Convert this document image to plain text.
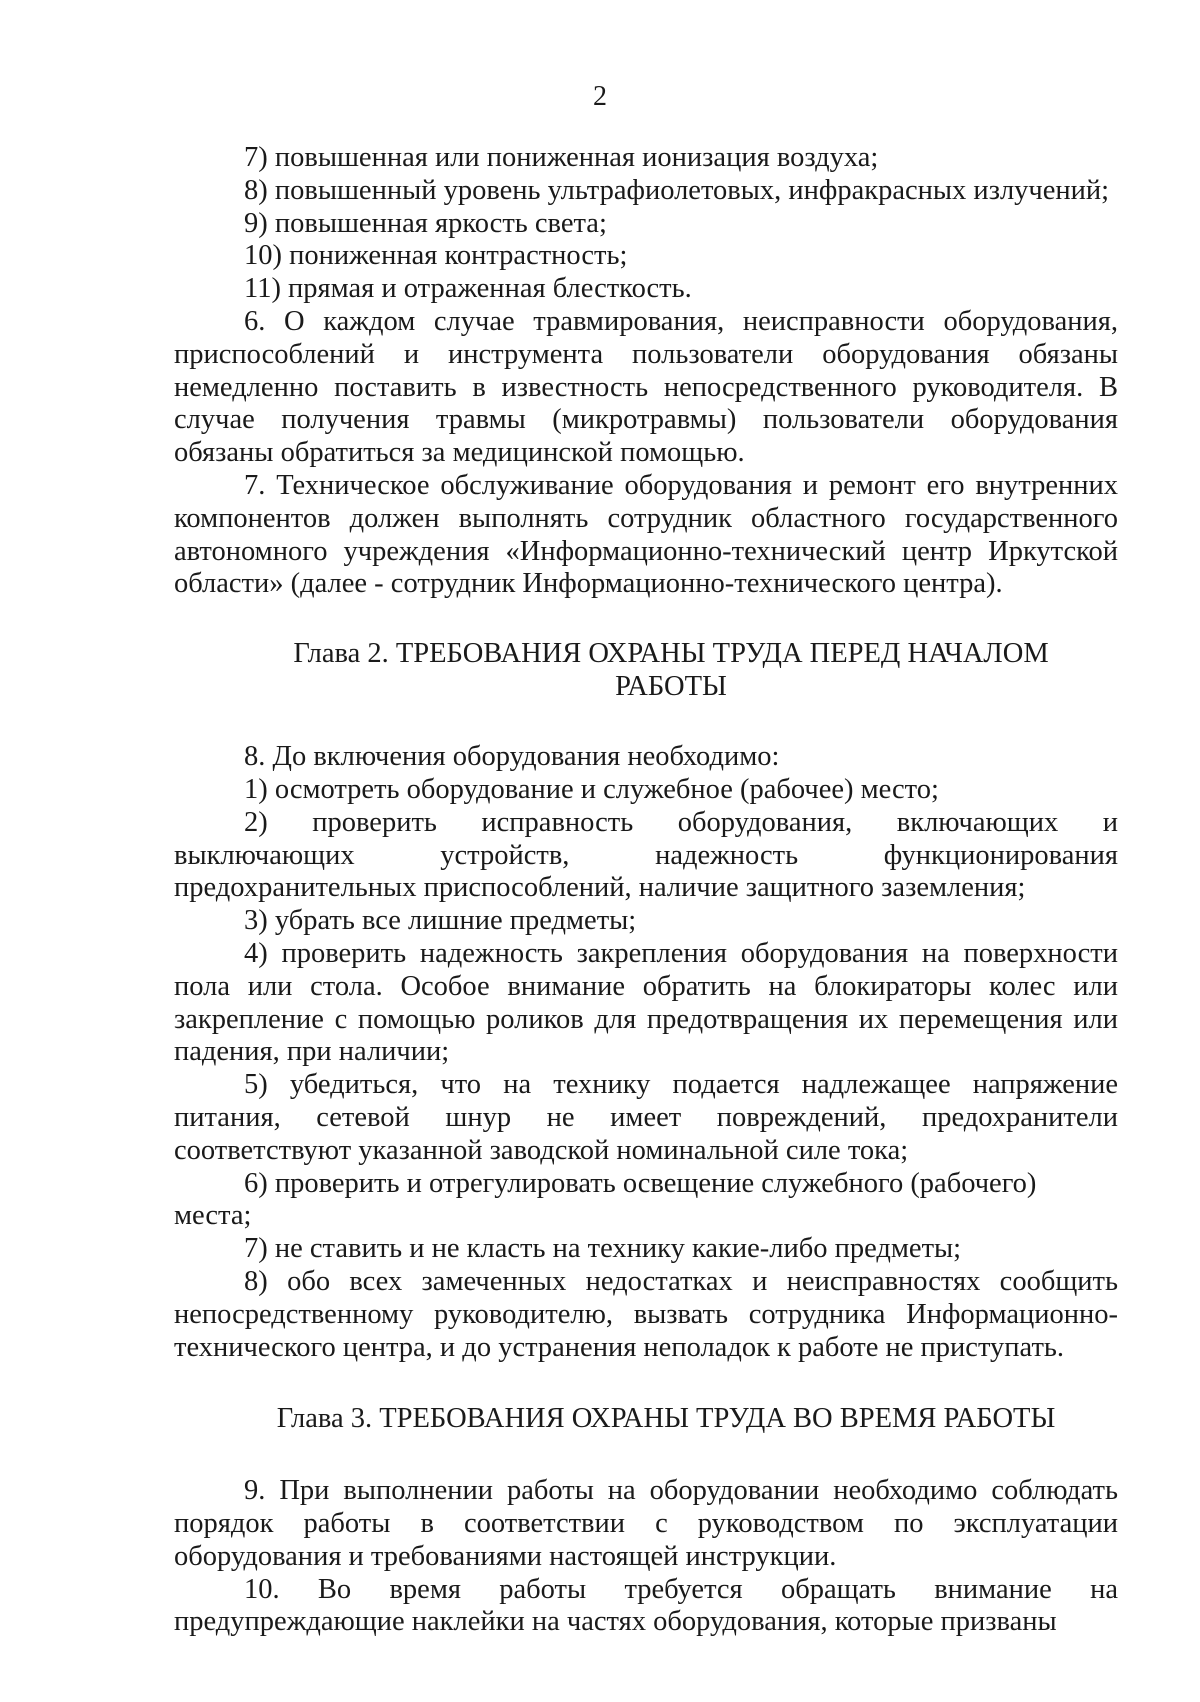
2

7) повышенная или пониженная ионизация воздуха;

8) повышенный уровень ультрафиолетовых, инфракрасных излучений;

9) повышенная яркость света;

10) пониженная контрастность;

11) прямая и отраженная блесткость.

6. О каждом случае травмирования, неисправности оборудования, приспособлений и инструмента пользователи оборудования обязаны немедленно поставить в известность непосредственного руководителя. В случае получения травмы (микротравмы) пользователи оборудования обязаны обратиться за медицинской помощью.

7. Техническое обслуживание оборудования и ремонт его внутренних компонентов должен выполнять сотрудник областного государственного автономного учреждения «Информационно-технический центр Иркутской области» (далее - сотрудник Информационно-технического центра).

Глава 2. ТРЕБОВАНИЯ ОХРАНЫ ТРУДА ПЕРЕД НАЧАЛОМ РАБОТЫ

8. До включения оборудования необходимо:

1) осмотреть оборудование и служебное (рабочее) место;

2) проверить исправность оборудования, включающих и выключающих устройств, надежность функционирования предохранительных приспособлений, наличие защитного заземления;

3) убрать все лишние предметы;

4) проверить надежность закрепления оборудования на поверхности пола или стола. Особое внимание обратить на блокираторы колес или закрепление с помощью роликов для предотвращения их перемещения или падения, при наличии;

5) убедиться, что на технику подается надлежащее напряжение питания, сетевой шнур не имеет повреждений, предохранители соответствуют указанной заводской номинальной силе тока;

6) проверить и отрегулировать освещение служебного (рабочего) места;

7) не ставить и не класть на технику какие-либо предметы;

8) обо всех замеченных недостатках и неисправностях сообщить непосредственному руководителю, вызвать сотрудника Информационно-технического центра, и до устранения неполадок к работе не приступать.

Глава 3. ТРЕБОВАНИЯ ОХРАНЫ ТРУДА ВО ВРЕМЯ РАБОТЫ

9. При выполнении работы на оборудовании необходимо соблюдать порядок работы в соответствии с руководством по эксплуатации оборудования и требованиями настоящей инструкции.

10. Во время работы требуется обращать внимание на предупреждающие наклейки на частях оборудования, которые призваны
